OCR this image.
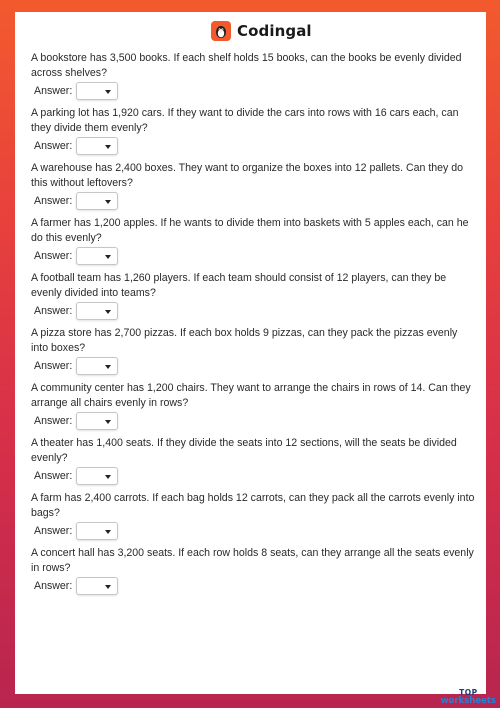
Codingal
A bookstore has 3,500 books. If each shelf holds 15 books, can the books be evenly divided across shelves?
Answer:
A parking lot has 1,920 cars. If they want to divide the cars into rows with 16 cars each, can they divide them evenly?
Answer:
A warehouse has 2,400 boxes. They want to organize the boxes into 12 pallets. Can they do this without leftovers?
Answer:
A farmer has 1,200 apples. If he wants to divide them into baskets with 5 apples each, can he do this evenly?
Answer:
A football team has 1,260 players. If each team should consist of 12 players, can they be evenly divided into teams?
Answer:
A pizza store has 2,700 pizzas. If each box holds 9 pizzas, can they pack the pizzas evenly into boxes?
Answer:
A community center has 1,200 chairs. They want to arrange the chairs in rows of 14. Can they arrange all chairs evenly in rows?
Answer:
A theater has 1,400 seats. If they divide the seats into 12 sections, will the seats be divided evenly?
Answer:
A farm has 2,400 carrots. If each bag holds 12 carrots, can they pack all the carrots evenly into bags?
Answer:
A concert hall has 3,200 seats. If each row holds 8 seats, can they arrange all the seats evenly in rows?
Answer:
TOP
worksheets
